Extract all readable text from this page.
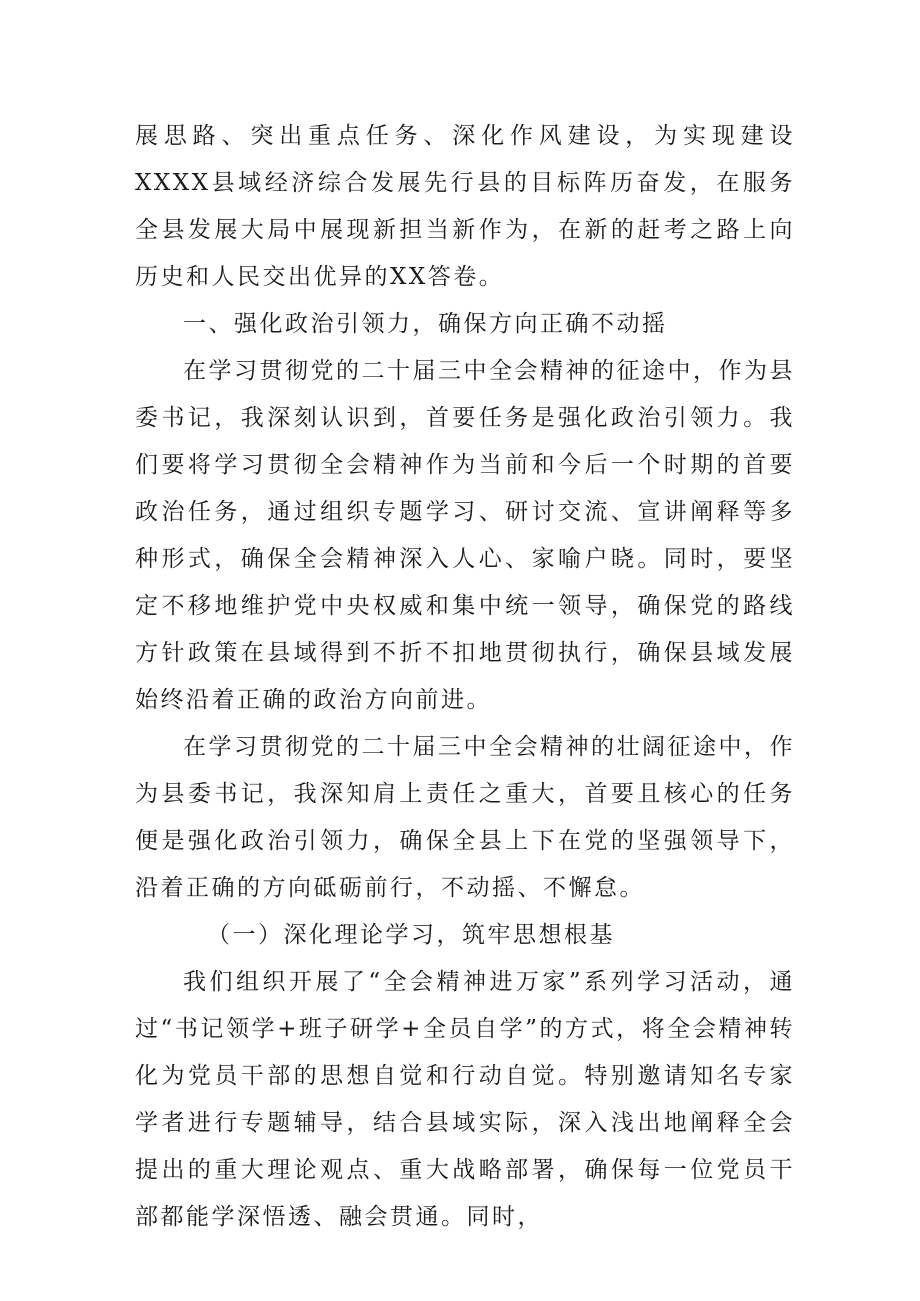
展思路、突出重点任务、深化作风建设，为实现建设XXXX县域经济综合发展先行县的目标阵历奋发，在服务全县发展大局中展现新担当新作为，在新的赶考之路上向历史和人民交出优异的XX答卷。

一、强化政治引领力，确保方向正确不动摇

在学习贯彻党的二十届三中全会精神的征途中，作为县委书记，我深刻认识到，首要任务是强化政治引领力。我们要将学习贯彻全会精神作为当前和今后一个时期的首要政治任务，通过组织专题学习、研讨交流、宣讲阐释等多种形式，确保全会精神深入人心、家喻户晓。同时，要坚定不移地维护党中央权威和集中统一领导，确保党的路线方针政策在县域得到不折不扣地贯彻执行，确保县域发展始终沿着正确的政治方向前进。

在学习贯彻党的二十届三中全会精神的壮阔征途中，作为县委书记，我深知肩上责任之重大，首要且核心的任务便是强化政治引领力，确保全县上下在党的坚强领导下，沿着正确的方向砥砺前行，不动摇、不懈怠。

（一）深化理论学习，筑牢思想根基

我们组织开展了“全会精神进万家”系列学习活动，通过“书记领学+班子研学+全员自学”的方式，将全会精神转化为党员干部的思想自觉和行动自觉。特别邀请知名专家学者进行专题辅导，结合县域实际，深入浅出地阐释全会提出的重大理论观点、重大战略部署，确保每一位党员干部都能学深悟透、融会贯通。同时，
